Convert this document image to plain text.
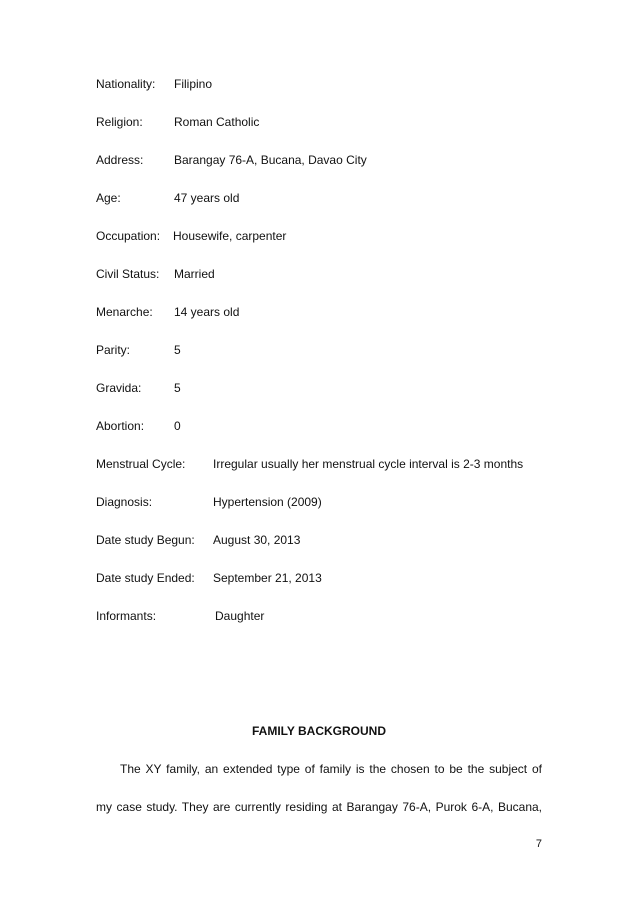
Nationality: Filipino
Religion:	Roman Catholic
Address:	Barangay 76-A, Bucana, Davao City
Age:	47 years old
Occupation: Housewife, carpenter
Civil Status: Married
Menarche: 14 years old
Parity:	5
Gravida:	5
Abortion: 0
Menstrual Cycle: Irregular usually her menstrual cycle interval is 2-3 months
Diagnosis:	Hypertension (2009)
Date study Begun: August 30, 2013
Date study Ended: September 21, 2013
Informants:	Daughter
FAMILY BACKGROUND
The XY family, an extended type of family is the chosen to be the subject of
my case study. They are currently residing at Barangay 76-A, Purok 6-A, Bucana,
7
